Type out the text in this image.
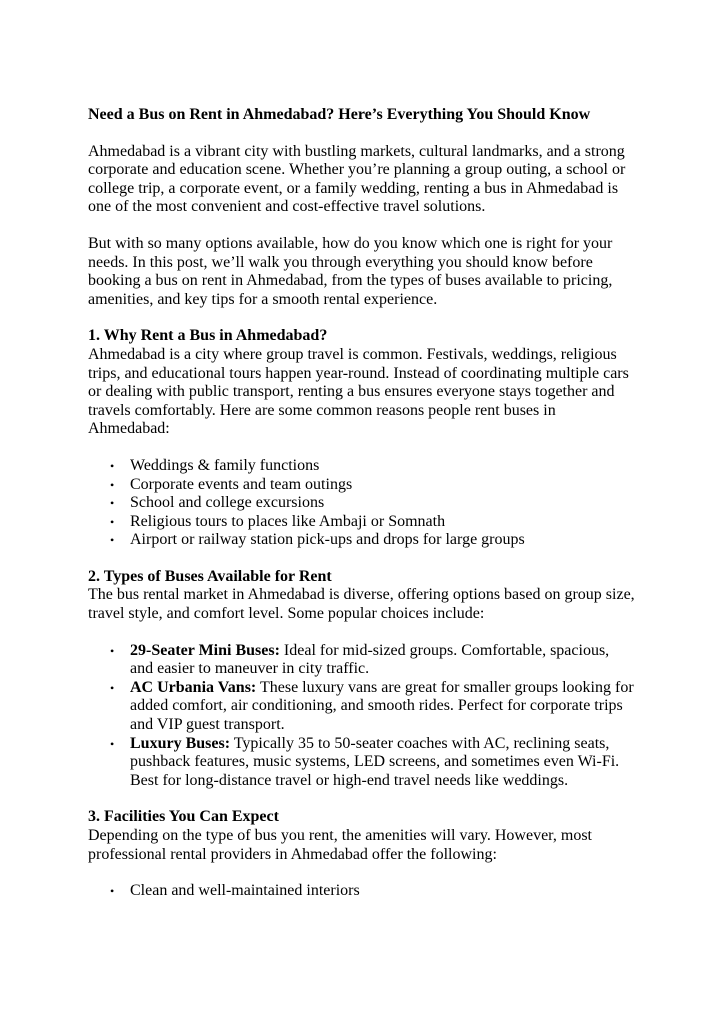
Need a Bus on Rent in Ahmedabad? Here’s Everything You Should Know

Ahmedabad is a vibrant city with bustling markets, cultural landmarks, and a strong corporate and education scene. Whether you’re planning a group outing, a school or college trip, a corporate event, or a family wedding, renting a bus in Ahmedabad is one of the most convenient and cost-effective travel solutions.

But with so many options available, how do you know which one is right for your needs. In this post, we’ll walk you through everything you should know before booking a bus on rent in Ahmedabad, from the types of buses available to pricing, amenities, and key tips for a smooth rental experience.

1. Why Rent a Bus in Ahmedabad?

Ahmedabad is a city where group travel is common. Festivals, weddings, religious trips, and educational tours happen year-round. Instead of coordinating multiple cars or dealing with public transport, renting a bus ensures everyone stays together and travels comfortably. Here are some common reasons people rent buses in Ahmedabad:

• Weddings & family functions
• Corporate events and team outings
• School and college excursions
• Religious tours to places like Ambaji or Somnath
• Airport or railway station pick-ups and drops for large groups

2. Types of Buses Available for Rent

The bus rental market in Ahmedabad is diverse, offering options based on group size, travel style, and comfort level. Some popular choices include:

• 29-Seater Mini Buses: Ideal for mid-sized groups. Comfortable, spacious, and easier to maneuver in city traffic.
• AC Urbania Vans: These luxury vans are great for smaller groups looking for added comfort, air conditioning, and smooth rides. Perfect for corporate trips and VIP guest transport.
• Luxury Buses: Typically 35 to 50-seater coaches with AC, reclining seats, pushback features, music systems, LED screens, and sometimes even Wi-Fi. Best for long-distance travel or high-end travel needs like weddings.

3. Facilities You Can Expect

Depending on the type of bus you rent, the amenities will vary. However, most professional rental providers in Ahmedabad offer the following:

• Clean and well-maintained interiors
